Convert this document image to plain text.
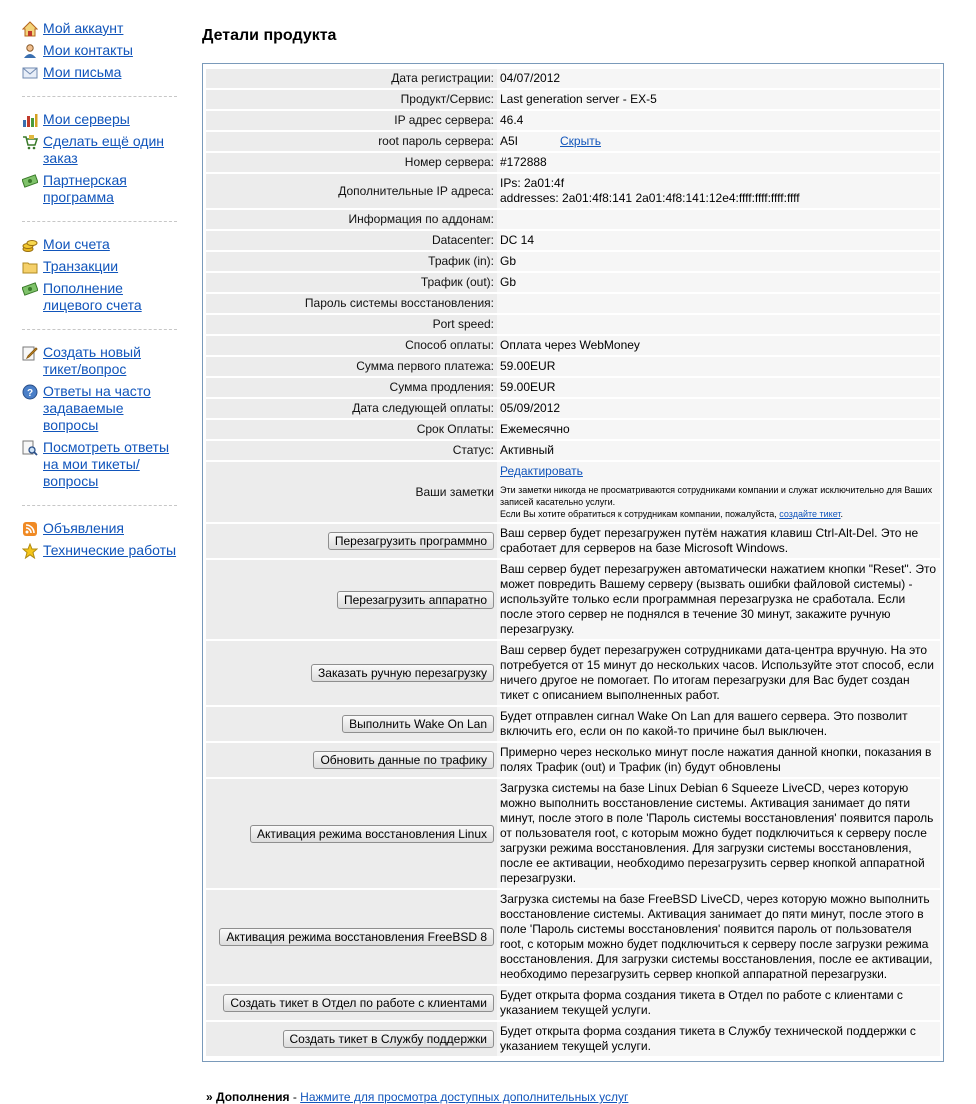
Мой аккаунт
Мои контакты
Мои письма
Мои серверы
Сделать ещё один заказ
Партнерская программа
Мои счета
Транзакции
Пополнение лицевого счета
Создать новый тикет/вопрос
? Ответы на часто задаваемые вопросы
Посмотреть ответы на мои тикеты/вопросы
Объявления
Технические работы
Детали продукта
Дата регистрации:	04/07/2012
Продукт/Сервис:	Last generation server - EX-5
IP адрес сервера:	46.4
root пароль сервера:	A5I Скрыть
Номер сервера:	#172888
Дополнительные IP адреса:	IPs: 2a01:4f
addresses: 2a01:4f8:141 2a01:4f8:141:12e4:ffff:ffff:ffff:ffff

Информация по аддонам:	
Datacenter:	DC 14
Трафик (in):	Gb
Трафик (out):	Gb
Пароль системы восстановления:	
Port speed:	
Способ оплаты:	Оплата через WebMoney
Сумма первого платежа:	59.00EUR
Сумма продления:	59.00EUR
Дата следующей оплаты:	05/09/2012
Срок Оплаты:	Ежемесячно
Статус:	Активный
Ваши заметки	Редактировать
Эти заметки никогда не просматриваются сотрудниками компании и служат исключительно для Ваших записей касательно услуги.
Если Вы хотите обратиться к сотрудникам компании, пожалуйста, создайте тикет.

Перезагрузить программно	Ваш сервер будет перезагружен путём нажатия клавиш Ctrl-Alt-Del. Это не сработает для серверов на базе Microsoft Windows.
Перезагрузить аппаратно	Ваш сервер будет перезагружен автоматически нажатием кнопки "Reset". Это может повредить Вашему серверу (вызвать ошибки файловой системы) - используйте только если программная перезагрузка не сработала. Если после этого сервер не поднялся в течение 30 минут, закажите ручную перезагрузку.
Заказать ручную перезагрузку	Ваш сервер будет перезагружен сотрудниками дата-центра вручную. На это потребуется от 15 минут до нескольких часов. Используйте этот способ, если ничего другое не помогает. По итогам перезагрузки для Вас будет создан тикет с описанием выполненных работ.
Выполнить Wake On Lan	Будет отправлен сигнал Wake On Lan для вашего сервера. Это позволит включить его, если он по какой-то причине был выключен.
Обновить данные по трафику	Примерно через несколько минут после нажатия данной кнопки, показания в полях Трафик (out) и Трафик (in) будут обновлены
Активация режима восстановления Linux	Загрузка системы на базе Linux Debian 6 Squeeze LiveCD, через которую можно выполнить восстановление системы. Активация занимает до пяти минут, после этого в поле 'Пароль системы восстановления' появится пароль от пользователя root, с которым можно будет подключиться к серверу после загрузки режима восстановления. Для загрузки системы восстановления, после ее активации, необходимо перезагрузить сервер кнопкой аппаратной перезагрузки.
Активация режима восстановления FreeBSD 8	Загрузка системы на базе FreeBSD LiveCD, через которую можно выполнить восстановление системы. Активация занимает до пяти минут, после этого в поле 'Пароль системы восстановления' появится пароль от пользователя root, с которым можно будет подключиться к серверу после загрузки режима восстановления. Для загрузки системы восстановления, после ее активации, необходимо перезагрузить сервер кнопкой аппаратной перезагрузки.
Создать тикет в Отдел по работе с клиентами	Будет открыта форма создания тикета в Отдел по работе с клиентами с указанием текущей услуги.
Создать тикет в Службу поддержки	Будет открыта форма создания тикета в Службу технической поддержки с указанием текущей услуги.
» Дополнения - Нажмите для просмотра доступных дополнительных услуг
